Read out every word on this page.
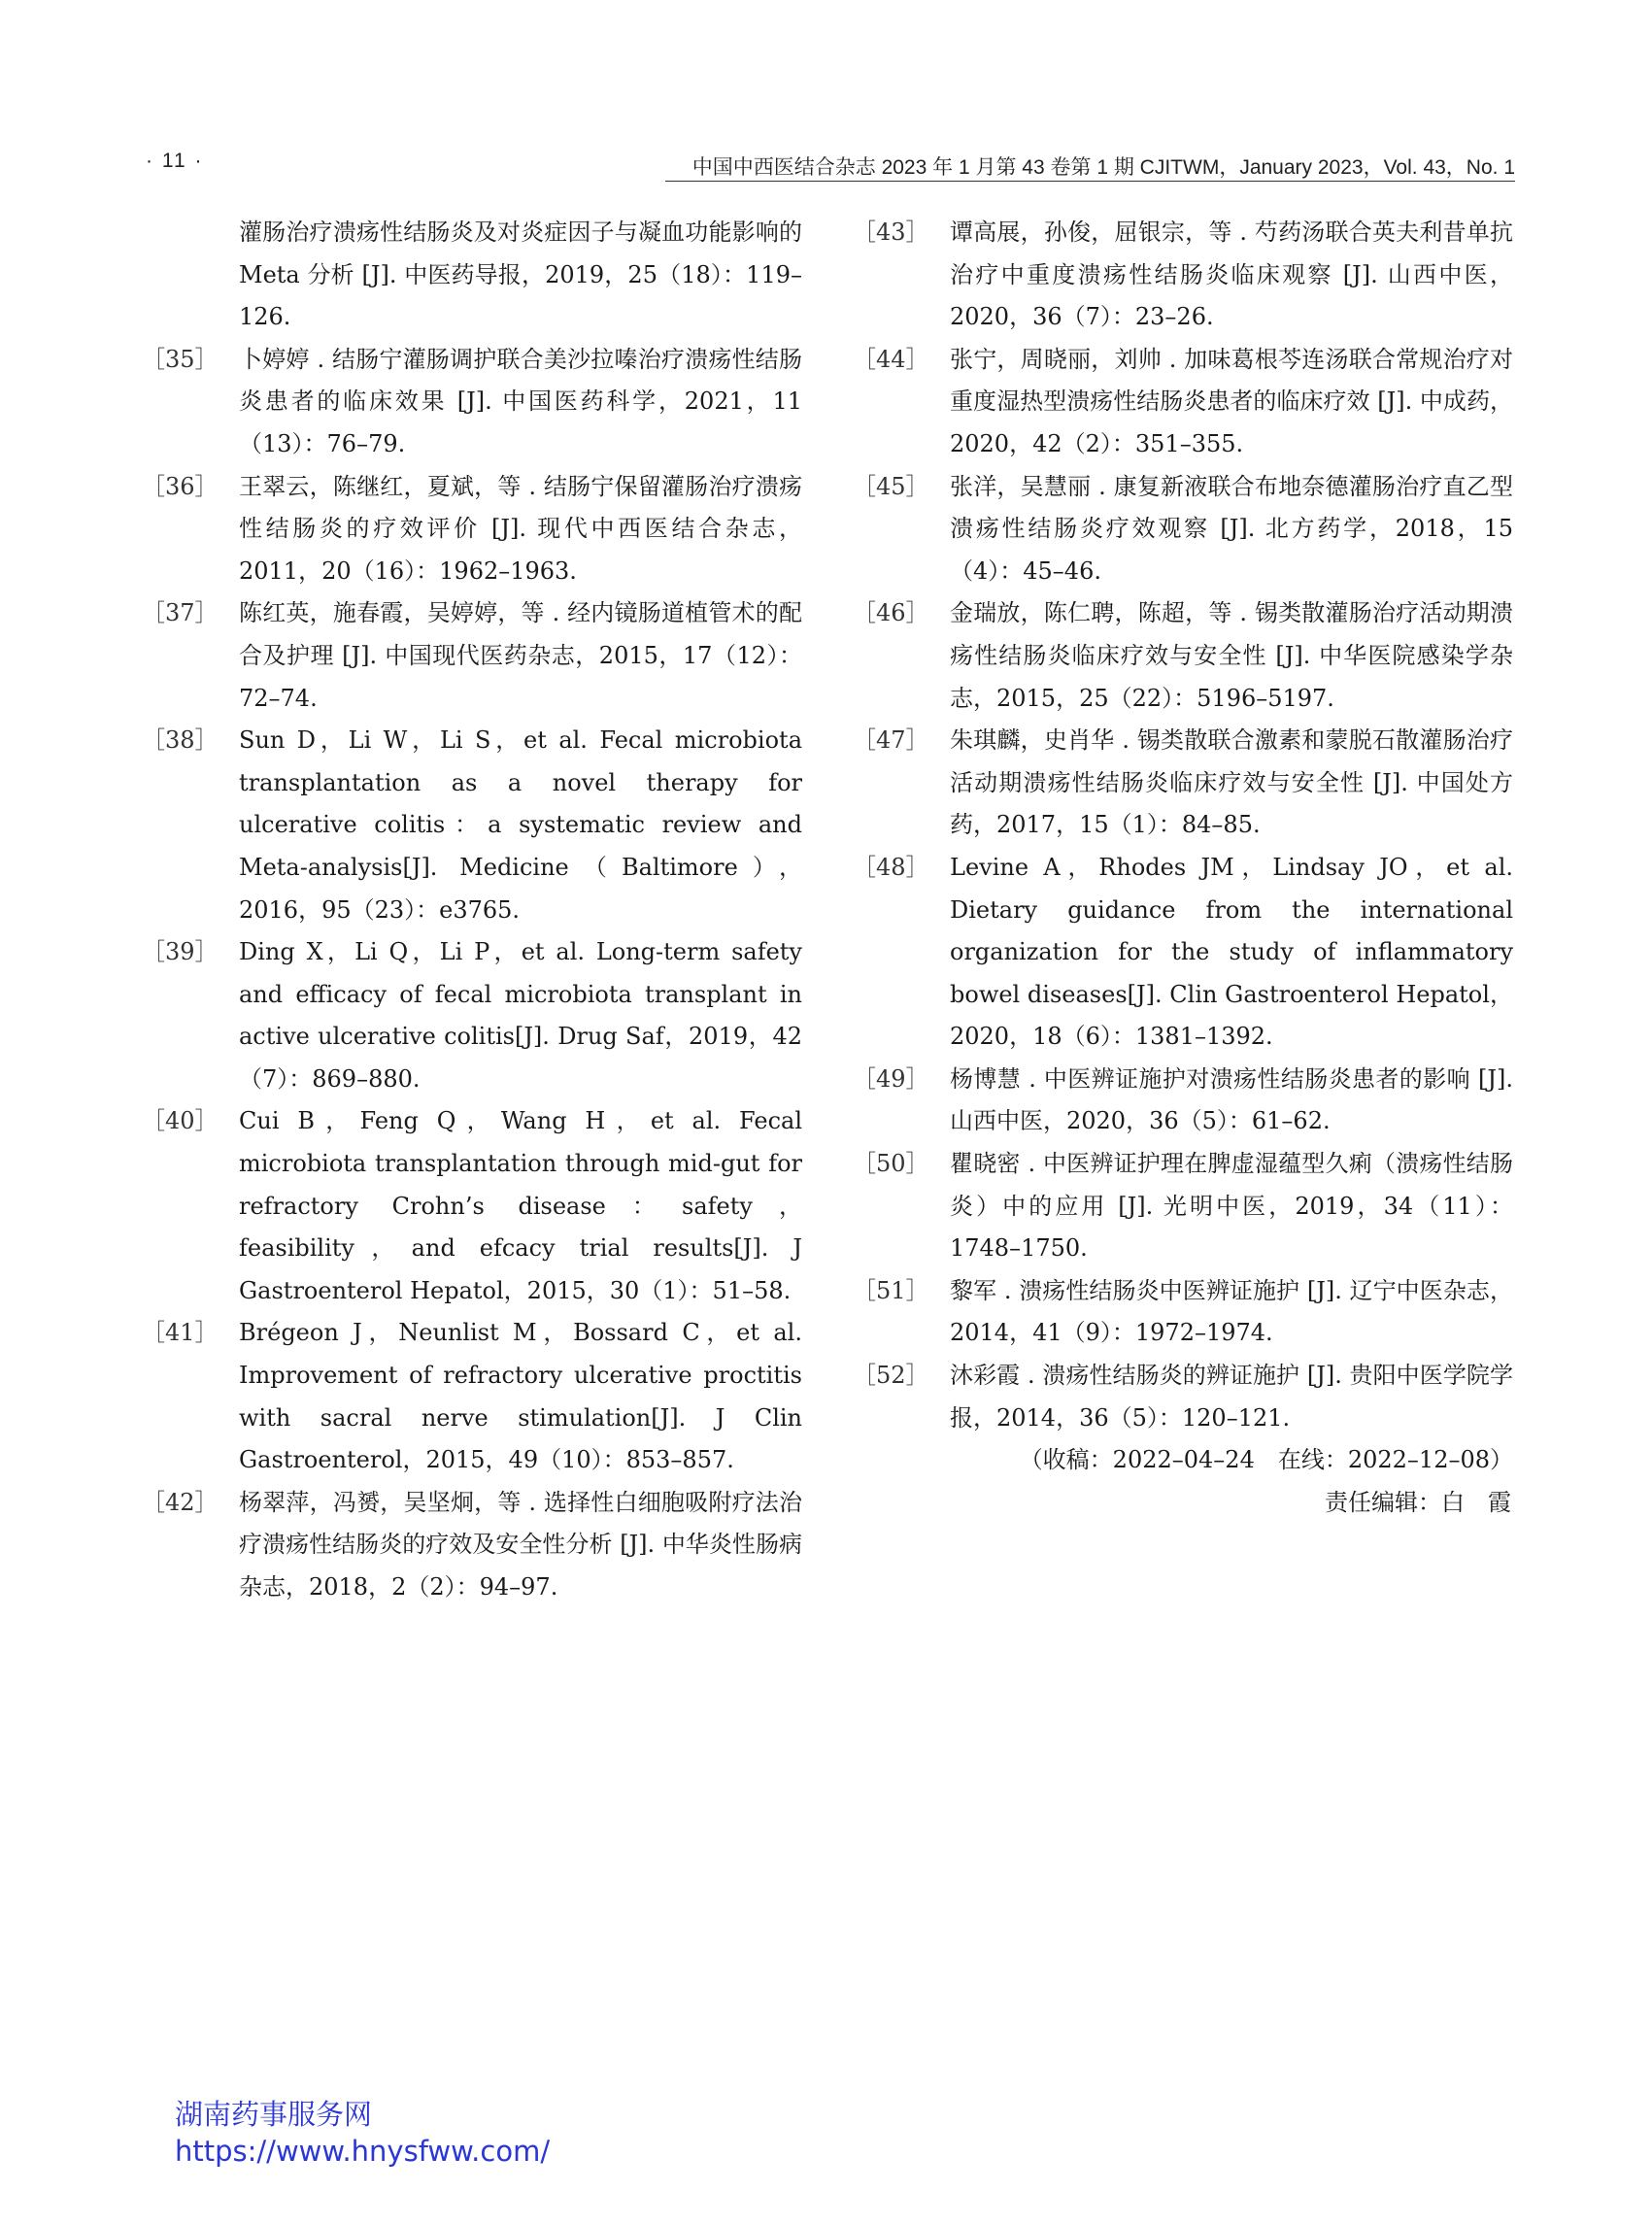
· 11 ·	中国中西医结合杂志 2023 年 1 月第 43 卷第 1 期 CJITWM，January 2023，Vol. 43，No. 1
灌肠治疗溃疡性结肠炎及对炎症因子与凝血功能影响的 Meta 分析 [J]. 中医药导报，2019，25（18）：119–126.
［35］ 卜婷婷 . 结肠宁灌肠调护联合美沙拉嗪治疗溃疡性结肠炎患者的临床效果 [J]. 中国医药科学，2021，11（13）：76–79.
［36］ 王翠云，陈继红，夏斌，等 . 结肠宁保留灌肠治疗溃疡性结肠炎的疗效评价 [J]. 现代中西医结合杂志，2011，20（16）：1962–1963.
［37］ 陈红英，施春霞，吴婷婷，等 . 经内镜肠道植管术的配合及护理 [J]. 中国现代医药杂志，2015，17（12）：72–74.
［38］ Sun D，Li W，Li S，et al. Fecal microbiota transplantation as a novel therapy for ulcerative colitis：a systematic review and Meta-analysis[J]. Medicine（Baltimore），2016，95（23）：e3765.
［39］ Ding X，Li Q，Li P，et al. Long-term safety and efficacy of fecal microbiota transplant in active ulcerative colitis[J]. Drug Saf，2019，42（7）：869–880.
［40］ Cui B，Feng Q，Wang H，et al. Fecal microbiota transplantation through mid-gut for refractory Crohn’s disease：safety，feasibility，and efcacy trial results[J]. J Gastroenterol Hepatol，2015，30（1）：51–58.
［41］ Brégeon J，Neunlist M，Bossard C，et al. Improvement of refractory ulcerative proctitis with sacral nerve stimulation[J]. J Clin Gastroenterol，2015，49（10）：853–857.
［42］ 杨翠萍，冯赟，吴坚炯，等 . 选择性白细胞吸附疗法治疗溃疡性结肠炎的疗效及安全性分析 [J]. 中华炎性肠病杂志，2018，2（2）：94–97.
［43］ 谭高展，孙俊，屈银宗，等 . 芍药汤联合英夫利昔单抗治疗中重度溃疡性结肠炎临床观察 [J]. 山西中医，2020，36（7）：23–26.
［44］ 张宁，周晓丽，刘帅 . 加味葛根芩连汤联合常规治疗对重度湿热型溃疡性结肠炎患者的临床疗效 [J]. 中成药，2020，42（2）：351–355.
［45］ 张洋，吴慧丽 . 康复新液联合布地奈德灌肠治疗直乙型溃疡性结肠炎疗效观察 [J]. 北方药学，2018，15（4）：45–46.
［46］ 金瑞放，陈仁聘，陈超，等 . 锡类散灌肠治疗活动期溃疡性结肠炎临床疗效与安全性 [J]. 中华医院感染学杂志，2015，25（22）：5196–5197.
［47］ 朱琪麟，史肖华 . 锡类散联合激素和蒙脱石散灌肠治疗活动期溃疡性结肠炎临床疗效与安全性 [J]. 中国处方药，2017，15（1）：84–85.
［48］ Levine A，Rhodes JM，Lindsay JO，et al. Dietary guidance from the international organization for the study of inflammatory bowel diseases[J]. Clin Gastroenterol Hepatol，2020，18（6）：1381–1392.
［49］ 杨博慧 . 中医辨证施护对溃疡性结肠炎患者的影响 [J]. 山西中医，2020，36（5）：61–62.
［50］ 瞿晓密 . 中医辨证护理在脾虚湿蕴型久痢（溃疡性结肠炎）中的应用 [J]. 光明中医，2019，34（11）：1748–1750.
［51］ 黎军 . 溃疡性结肠炎中医辨证施护 [J]. 辽宁中医杂志，2014，41（9）：1972–1974.
［52］ 沐彩霞 . 溃疡性结肠炎的辨证施护 [J]. 贵阳中医学院学报，2014，36（5）：120–121.
（收稿：2022–04–24　在线：2022–12–08）
责任编辑：白　霞
湖南药事服务网
https://www.hnysfww.com/
